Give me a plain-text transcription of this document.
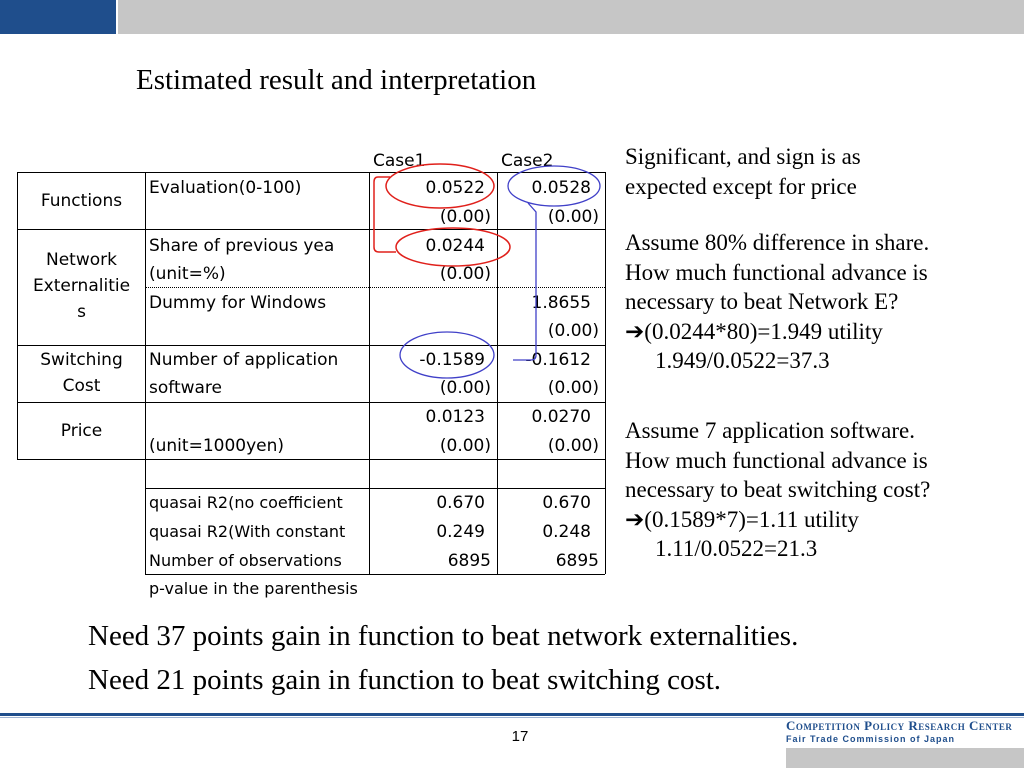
Estimated result and interpretation
Case1	Case2
Functions
Network
Externalitie
s
Switching
Cost
Price
Evaluation(0-100)
Share of previous yea
(unit=%)
Dummy for Windows
Number of application
software
(unit=1000yen)
0.0522
(0.00)
0.0244
(0.00)
-0.1589
(0.00)
0.0123
(0.00)
0.0528
(0.00)
1.8655
(0.00)
-0.1612
(0.00)
0.0270
(0.00)
quasai R2(no coefficient
quasai R2(With constant
Number of observations
0.670
0.249
6895
0.670
0.248
6895
p-value in the parenthesis
Significant, and sign is as
expected except for price
Assume 80% difference in share.
How much functional advance is
necessary to beat Network E?
➔(0.0244*80)=1.949 utility
1.949/0.0522=37.3
Assume 7 application software.
How much functional advance is
necessary to beat switching cost?
➔(0.1589*7)=1.11 utility
1.11/0.0522=21.3
Need 37 points gain in function to beat network externalities.
Need 21 points gain in function to beat switching cost.
17
Competition Policy Research Center
Fair Trade Commission of Japan
